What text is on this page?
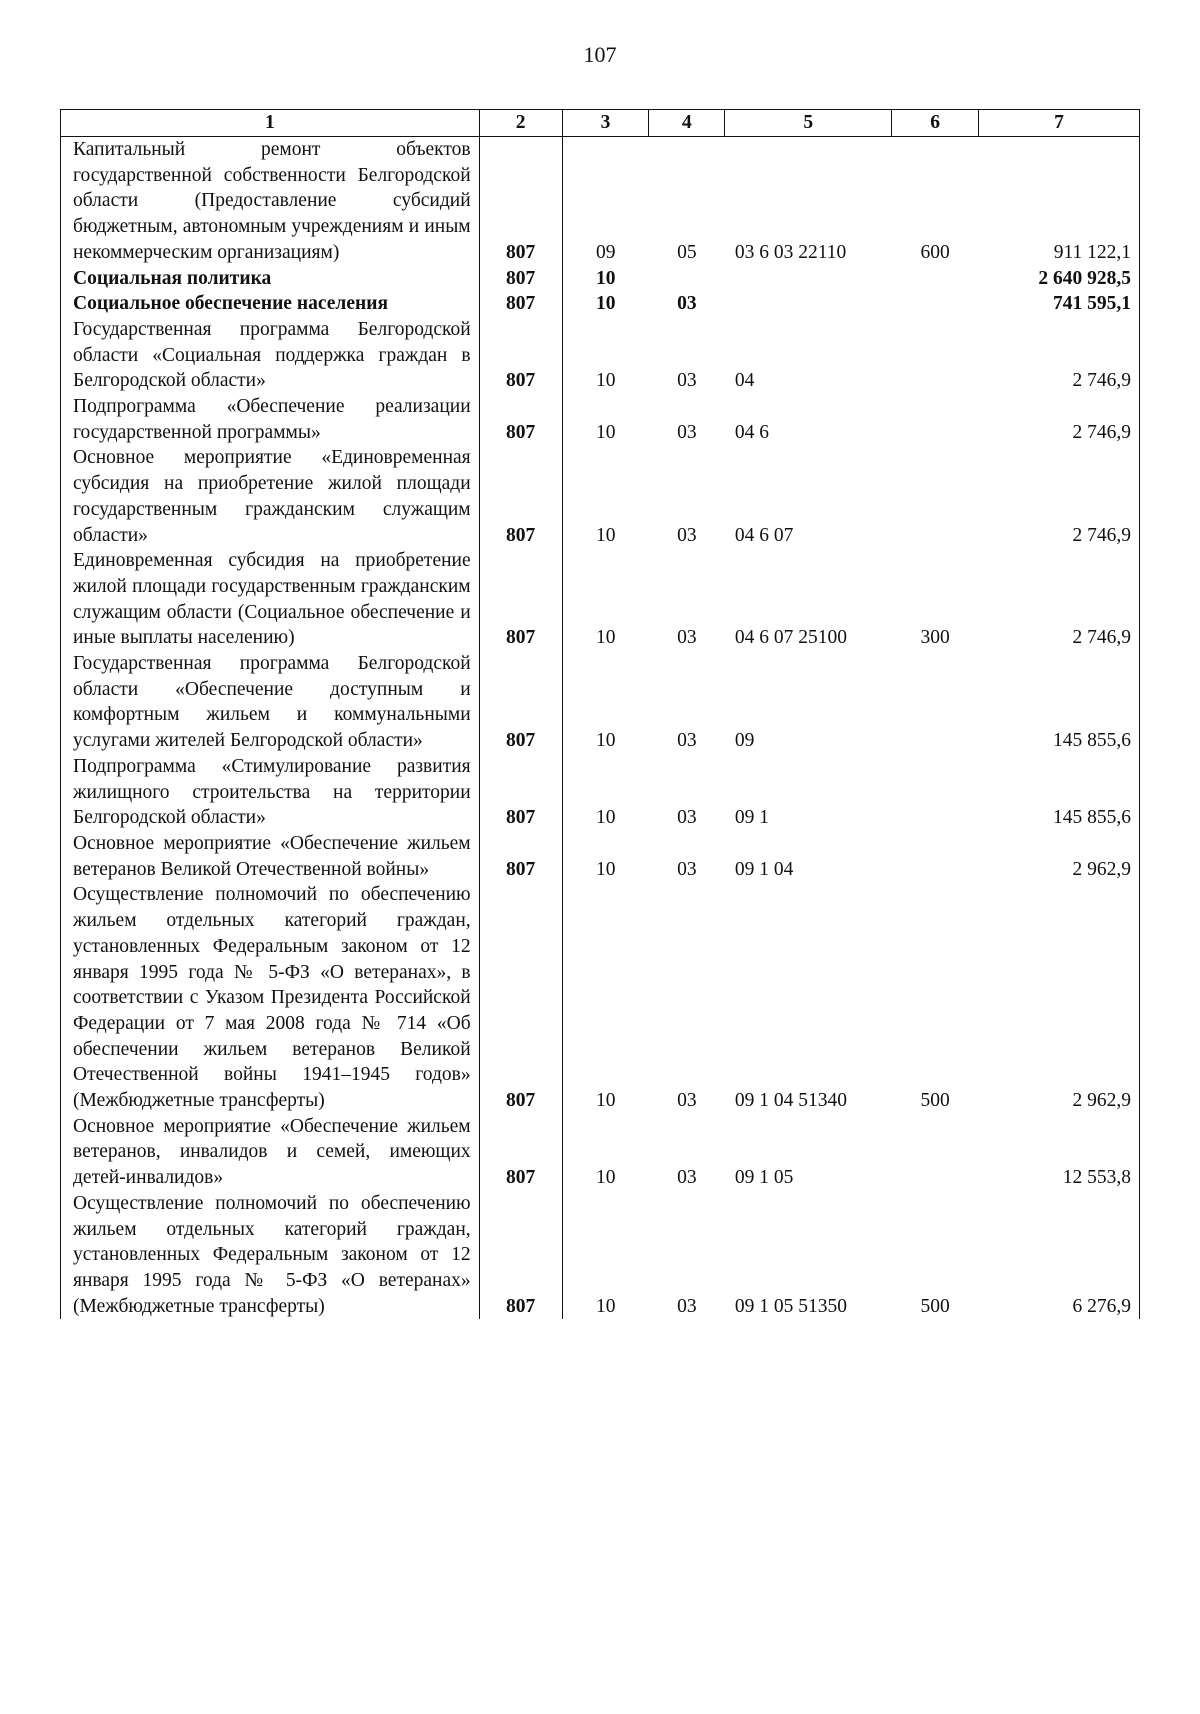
107
1	2	3	4	5	6	7
Капитальный ремонт объектов государственной собственности Белгородской области (Предоставление субсидий бюджетным, автономным учреждениям и иным некоммерческим организациям)	807	09	05	03 6 03 22110	600	911 122,1
Социальная политика	807	10				2 640 928,5
Социальное обеспечение населения	807	10	03			741 595,1
Государственная программа Белгородской области «Социальная поддержка граждан в Белгородской области»	807	10	03	04		2 746,9
Подпрограмма «Обеспечение реализации государственной программы»	807	10	03	04 6		2 746,9
Основное мероприятие «Единовременная субсидия на приобретение жилой площади государственным гражданским служащим области»	807	10	03	04 6 07		2 746,9
Единовременная субсидия на приобретение жилой площади государственным гражданским служащим области (Социальное обеспечение и иные выплаты населению)	807	10	03	04 6 07 25100	300	2 746,9
Государственная программа Белгородской области «Обеспечение доступным и комфортным жильем и коммунальными услугами жителей Белгородской области»	807	10	03	09		145 855,6
Подпрограмма «Стимулирование развития жилищного строительства на территории Белгородской области»	807	10	03	09 1		145 855,6
Основное мероприятие «Обеспечение жильем ветеранов Великой Отечественной войны»	807	10	03	09 1 04		2 962,9
Осуществление полномочий по обеспечению жильем отдельных категорий граждан, установленных Федеральным законом от 12 января 1995 года № 5-ФЗ «О ветеранах», в соответствии с Указом Президента Российской Федерации от 7 мая 2008 года № 714 «Об обеспечении жильем ветеранов Великой Отечественной войны 1941–1945 годов» (Межбюджетные трансферты)	807	10	03	09 1 04 51340	500	2 962,9
Основное мероприятие «Обеспечение жильем ветеранов, инвалидов и семей, имеющих детей-инвалидов»	807	10	03	09 1 05		12 553,8
Осуществление полномочий по обеспечению жильем отдельных категорий граждан, установленных Федеральным законом от 12 января 1995 года № 5-ФЗ «О ветеранах» (Межбюджетные трансферты)	807	10	03	09 1 05 51350	500	6 276,9
